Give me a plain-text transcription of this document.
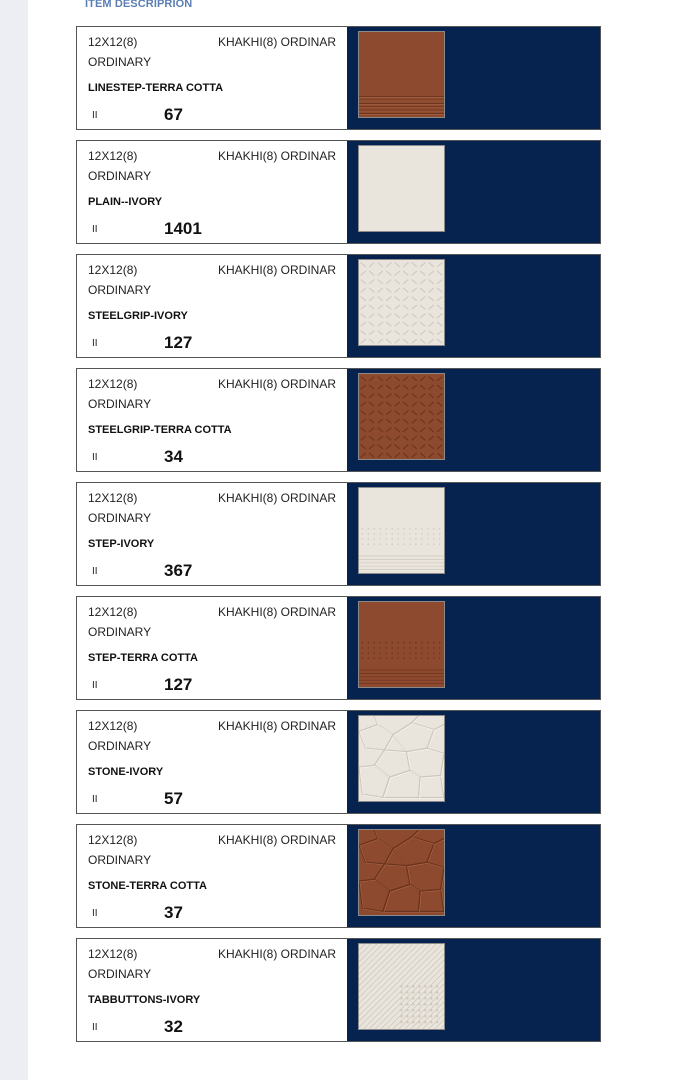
ITEM DESCRIPRION
12X12(8)	KHAKHI(8) ORDINAR
ORDINARY
LINESTEP-TERRA COTTA
II	67
12X12(8)	KHAKHI(8) ORDINAR
ORDINARY
PLAIN--IVORY
II	1401
12X12(8)	KHAKHI(8) ORDINAR
ORDINARY
STEELGRIP-IVORY
II	127
12X12(8)	KHAKHI(8) ORDINAR
ORDINARY
STEELGRIP-TERRA COTTA
II	34
12X12(8)	KHAKHI(8) ORDINAR
ORDINARY
STEP-IVORY
II	367
12X12(8)	KHAKHI(8) ORDINAR
ORDINARY
STEP-TERRA COTTA
II	127
12X12(8)	KHAKHI(8) ORDINAR
ORDINARY
STONE-IVORY
II	57
12X12(8)	KHAKHI(8) ORDINAR
ORDINARY
STONE-TERRA COTTA
II	37
12X12(8)	KHAKHI(8) ORDINAR
ORDINARY
TABBUTTONS-IVORY
II	32
